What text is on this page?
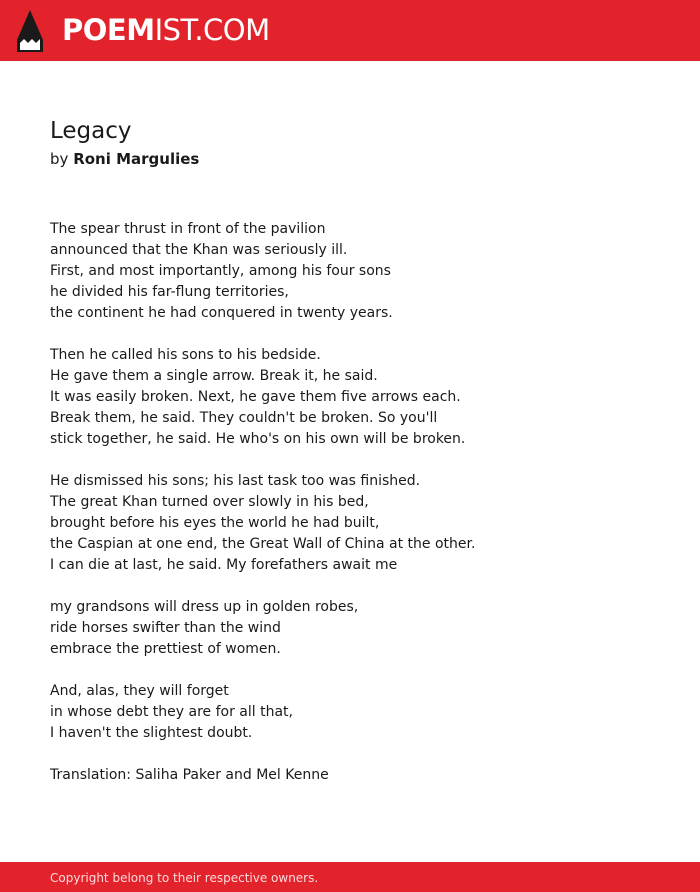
POEMIST.COM
Legacy
by Roni Margulies
The spear thrust in front of the pavilion
announced that the Khan was seriously ill.
First, and most importantly, among his four sons
he divided his far-flung territories,
the continent he had conquered in twenty years.
Then he called his sons to his bedside.
He gave them a single arrow. Break it, he said.
It was easily broken. Next, he gave them five arrows each.
Break them, he said. They couldn't be broken. So you'll
stick together, he said. He who's on his own will be broken.
He dismissed his sons; his last task too was finished.
The great Khan turned over slowly in his bed,
brought before his eyes the world he had built,
the Caspian at one end, the Great Wall of China at the other.
I can die at last, he said. My forefathers await me
my grandsons will dress up in golden robes,
ride horses swifter than the wind
embrace the prettiest of women.
And, alas, they will forget
in whose debt they are for all that,
I haven't the slightest doubt.
Translation: Saliha Paker and Mel Kenne
Copyright belong to their respective owners.
